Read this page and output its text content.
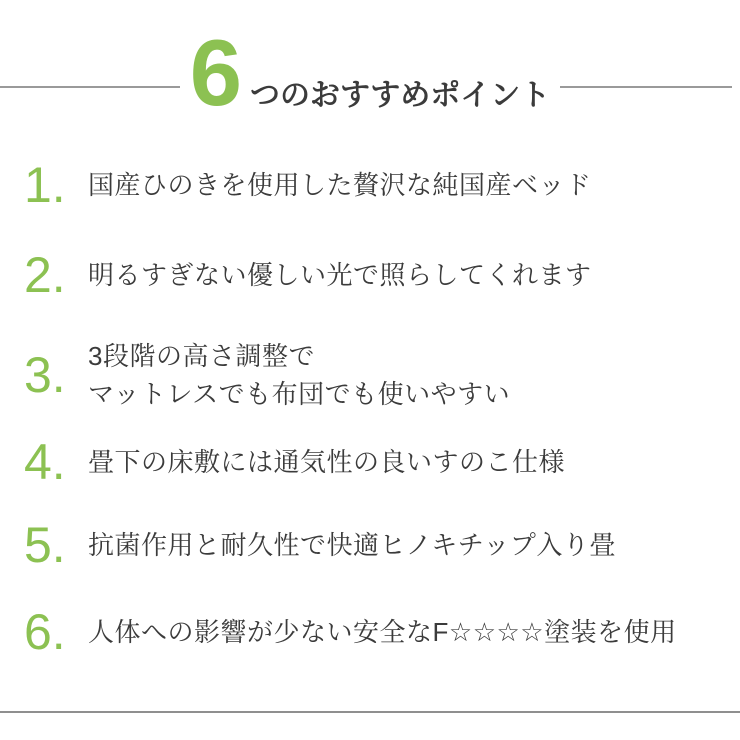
6 つのおすすめポイント
1. 国産ひのきを使用した贅沢な純国産ベッド
2. 明るすぎない優しい光で照らしてくれます
3. 3段階の高さ調整で
マットレスでも布団でも使いやすい
4. 畳下の床敷には通気性の良いすのこ仕様
5. 抗菌作用と耐久性で快適ヒノキチップ入り畳
6. 人体への影響が少ない安全なF☆☆☆☆塗装を使用
